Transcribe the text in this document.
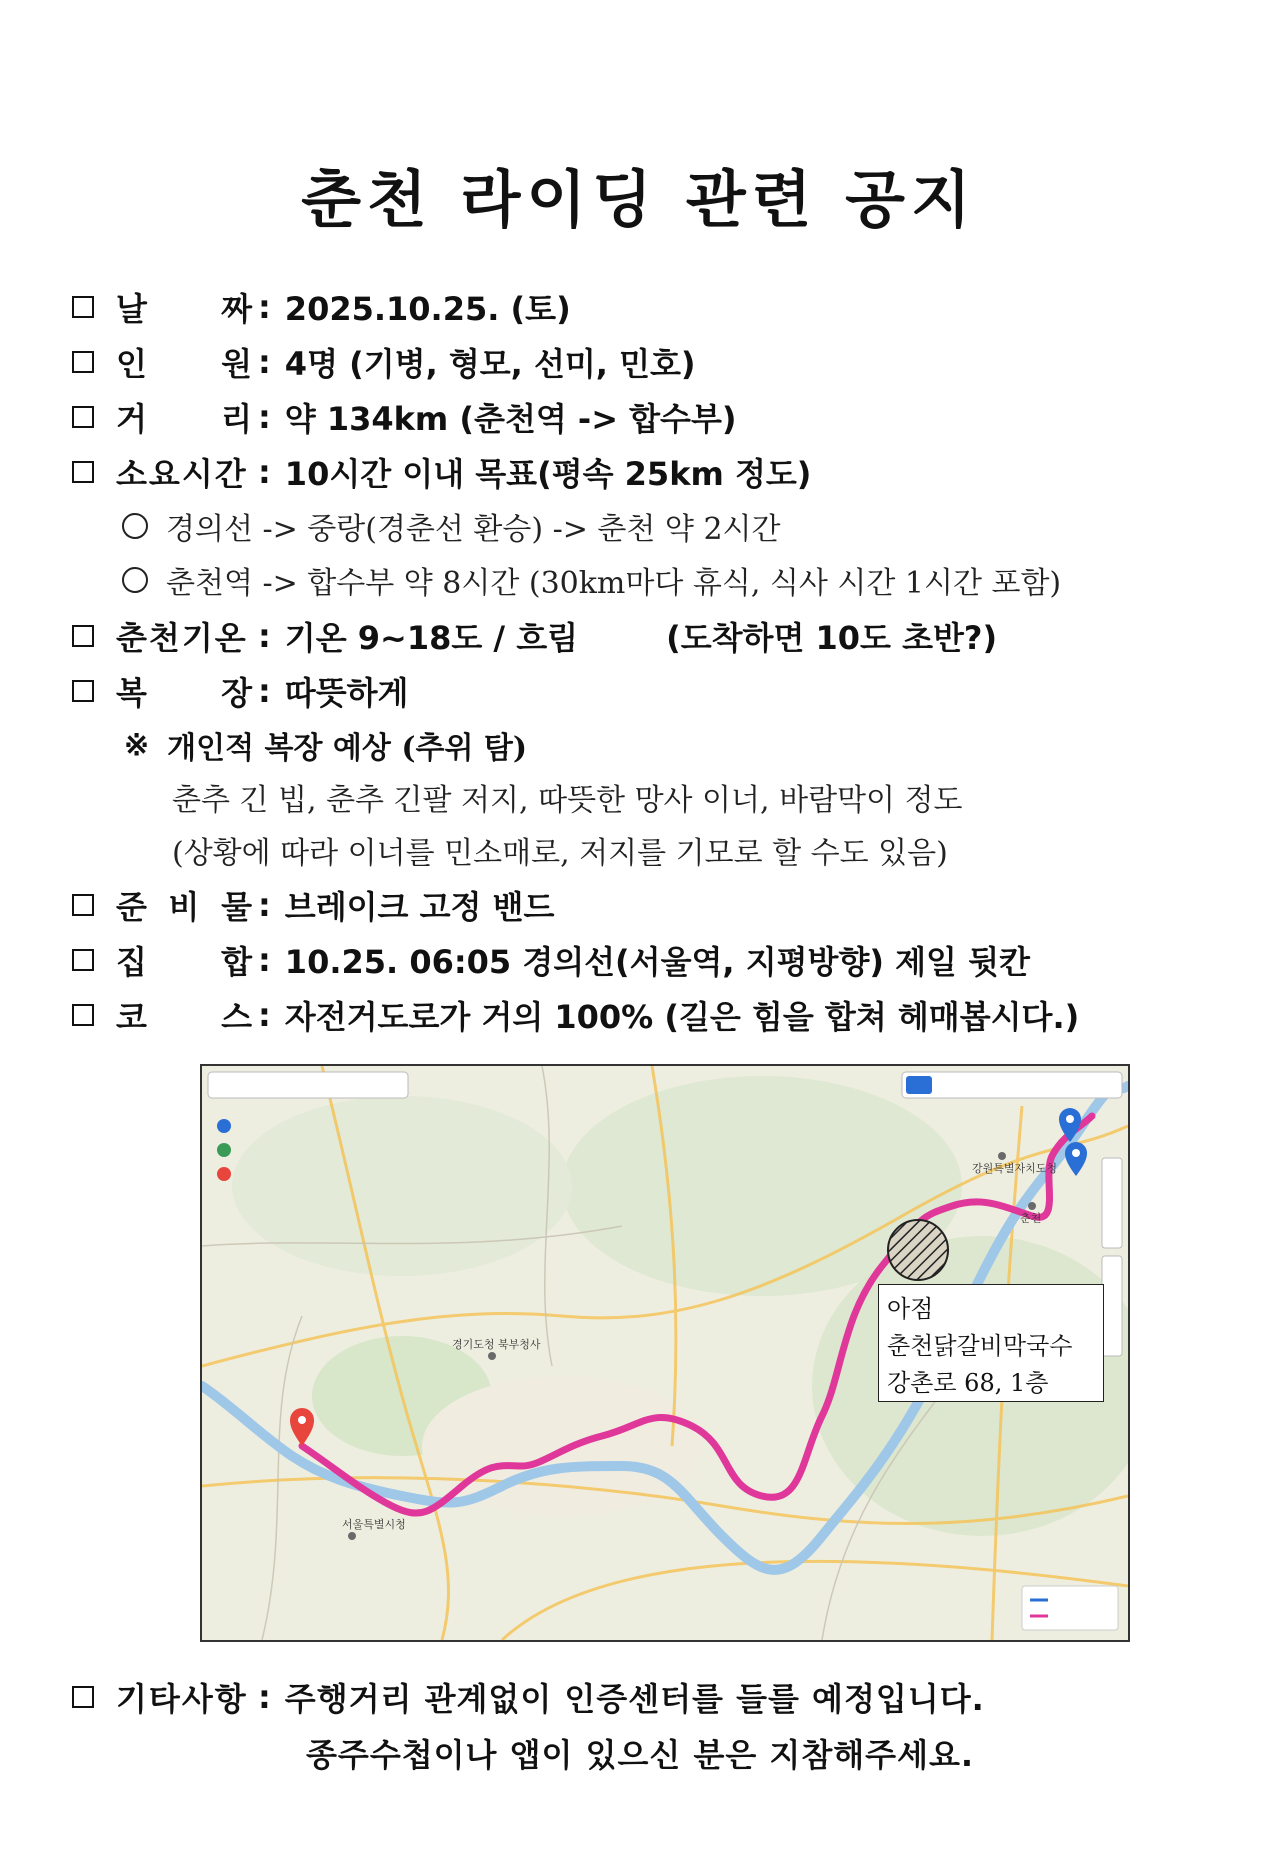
춘천 라이딩 관련 공지
날 짜 : 2025.10.25. (토)
인 원 : 4명 (기병, 형모, 선미, 민호)
거 리 : 약 134km (춘천역 -> 합수부)
소요시간 : 10시간 이내 목표(평속 25km 정도)
경의선 -> 중랑(경춘선 환승) -> 춘천 약 2시간
춘천역 -> 합수부 약 8시간 (30km마다 휴식, 식사 시간 1시간 포함)
춘천기온 : 기온 9~18도 / 흐림	(도착하면 10도 초반?)
복 장 : 따뜻하게
※ 개인적 복장 예상 (추위 탐)
춘추 긴 빕, 춘추 긴팔 저지, 따뜻한 망사 이너, 바람막이 정도
(상황에 따라 이너를 민소매로, 저지를 기모로 할 수도 있음)
준 비 물 : 브레이크 고정 밴드
집 합 : 10.25. 06:05 경의선(서울역, 지평방향) 제일 뒷칸
코 스 : 자전거도로가 거의 100% (길은 힘을 합쳐 헤매봅시다.)
서울특별시청
경기도청 북부청사
춘천
강원특별자치도청
아점
춘천닭갈비막국수
강촌로 68, 1층
기타사항 : 주행거리 관계없이 인증센터를 들를 예정입니다.
종주수첩이나 앱이 있으신 분은 지참해주세요.
